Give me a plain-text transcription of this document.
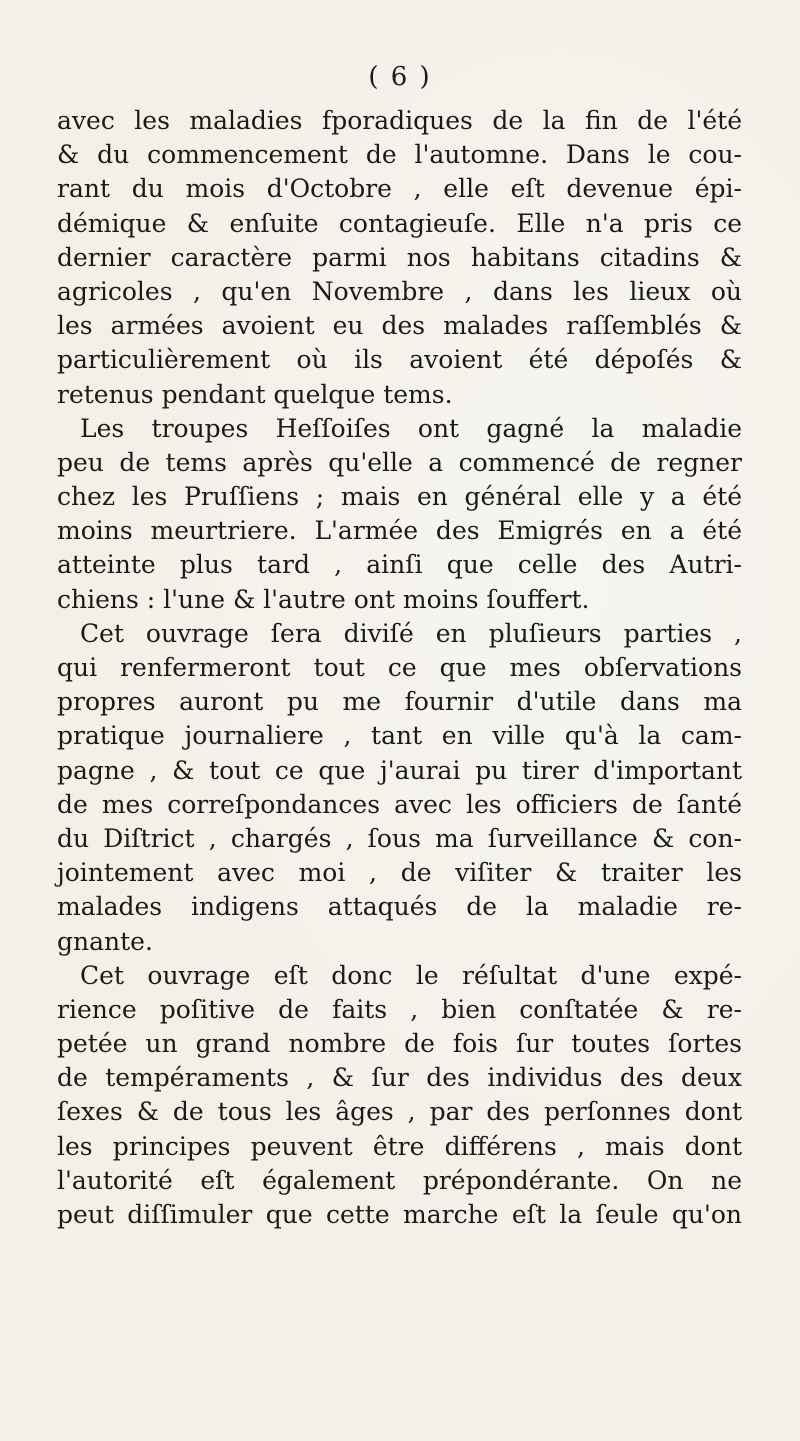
( 6 )
avec les maladies fporadiques de la fin de l'été
& du commencement de l'automne. Dans le cou-
rant du mois d'Octobre , elle eſt devenue épi-
démique & enſuite contagieuſe. Elle n'a pris ce
dernier caractère parmi nos habitans citadins &
agricoles , qu'en Novembre , dans les lieux où
les armées avoient eu des malades raſſemblés &
particulièrement où ils avoient été dépoſés &
retenus pendant quelque tems.
Les troupes Heſſoiſes ont gagné la maladie
peu de tems après qu'elle a commencé de regner
chez les Pruſſiens ; mais en général elle y a été
moins meurtriere. L'armée des Emigrés en a été
atteinte plus tard , ainſi que celle des Autri-
chiens : l'une & l'autre ont moins ſouffert.
Cet ouvrage ſera diviſé en pluſieurs parties ,
qui renfermeront tout ce que mes obſervations
propres auront pu me fournir d'utile dans ma
pratique journaliere , tant en ville qu'à la cam-
pagne , & tout ce que j'aurai pu tirer d'important
de mes correſpondances avec les officiers de ſanté
du Diſtrict , chargés , ſous ma ſurveillance & con-
jointement avec moi , de viſiter & traiter les
malades indigens attaqués de la maladie re-
gnante.
Cet ouvrage eſt donc le réſultat d'une expé-
rience poſitive de faits , bien conſtatée & re-
petée un grand nombre de fois ſur toutes ſortes
de tempéraments , & ſur des individus des deux
ſexes & de tous les âges , par des perſonnes dont
les principes peuvent être différens , mais dont
l'autorité eſt également prépondérante. On ne
peut diſſimuler que cette marche eſt la ſeule qu'on
